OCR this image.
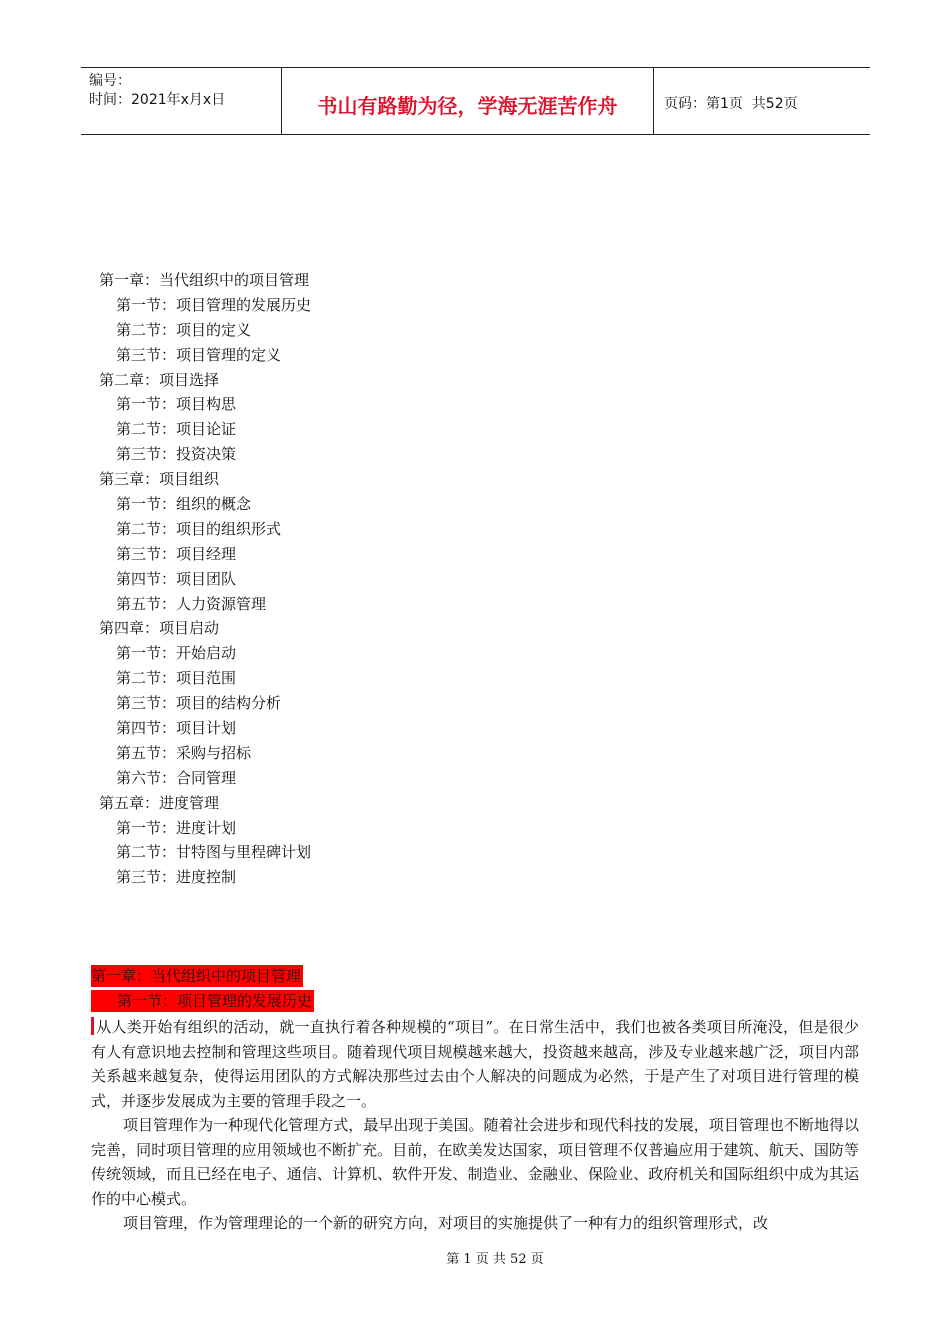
编号：
时间：2021年x月x日	书山有路勤为径，学海无涯苦作舟	页码：第1页  共52页
第一章：当代组织中的项目管理
第一节：项目管理的发展历史
第二节：项目的定义
第三节：项目管理的定义
第二章：项目选择
第一节：项目构思
第二节：项目论证
第三节：投资决策
第三章：项目组织
第一节：组织的概念
第二节：项目的组织形式
第三节：项目经理
第四节：项目团队
第五节：人力资源管理
第四章：项目启动
第一节：开始启动
第二节：项目范围
第三节：项目的结构分析
第四节：项目计划
第五节：采购与招标
第六节：合同管理
第五章：进度管理
第一节：进度计划
第二节：甘特图与里程碑计划
第三节：进度控制
第一章：当代组织中的项目管理
第一节：项目管理的发展历史

从人类开始有组织的活动，就一直执行着各种规模的“项目”。在日常生活中，我们也被各类项目所淹没，但是很少有人有意识地去控制和管理这些项目。随着现代项目规模越来越大，投资越来越高，涉及专业越来越广泛，项目内部关系越来越复杂，使得运用团队的方式解决那些过去由个人解决的问题成为必然，于是产生了对项目进行管理的模式，并逐步发展成为主要的管理手段之一。

项目管理作为一种现代化管理方式，最早出现于美国。随着社会进步和现代科技的发展，项目管理也不断地得以完善，同时项目管理的应用领域也不断扩充。目前，在欧美发达国家，项目管理不仅普遍应用于建筑、航天、国防等传统领域，而且已经在电子、通信、计算机、软件开发、制造业、金融业、保险业、政府机关和国际组织中成为其运作的中心模式。

项目管理，作为管理理论的一个新的研究方向，对项目的实施提供了一种有力的组织管理形式，改

第 1 页 共 52 页
